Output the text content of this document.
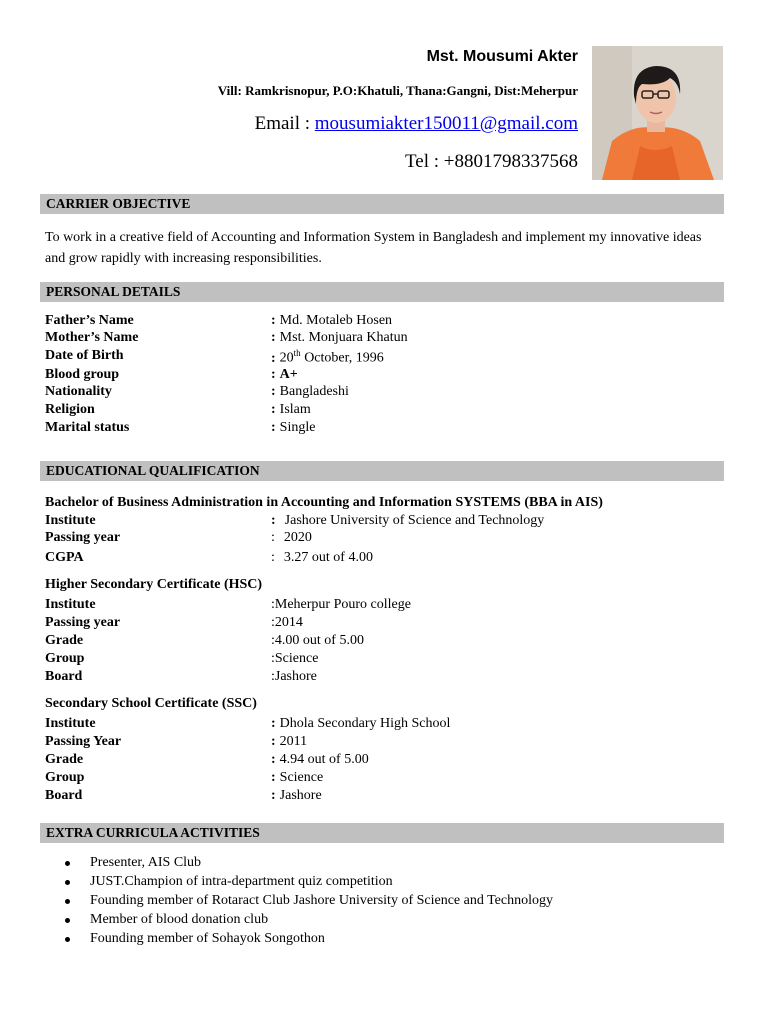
Mst. Mousumi Akter
Vill: Ramkrisnopur, P.O:Khatuli, Thana:Gangni, Dist:Meherpur
Email : mousumiakter150011@gmail.com
Tel : +8801798337568
CARRIER OBJECTIVE
To work in a creative field of Accounting and Information System in Bangladesh and implement my innovative ideas and grow rapidly with increasing responsibilities.
PERSONAL DETAILS
Father’s Name	: Md. Motaleb Hosen
Mother’s Name	: Mst. Monjuara Khatun
Date of Birth	: 20th October, 1996
Blood group	: A+
Nationality	: Bangladeshi
Religion	: Islam
Marital status	: Single
EDUCATIONAL QUALIFICATION
Bachelor of Business Administration in Accounting and Information SYSTEMS (BBA in AIS)
Institute	: Jashore University of Science and Technology
Passing year	: 2020
CGPA	: 3.27 out of 4.00
Higher Secondary Certificate (HSC)
Institute	:Meherpur Pouro college
Passing year	:2014
Grade	:4.00 out of 5.00
Group	:Science
Board	:Jashore
Secondary School Certificate (SSC)
Institute	: Dhola Secondary High School
Passing Year	: 2011
Grade	: 4.94 out of 5.00
Group	: Science
Board	: Jashore
EXTRA CURRICULA ACTIVITIES
Presenter, AIS Club
JUST.Champion of intra-department quiz competition
Founding member of Rotaract Club Jashore University of Science and Technology
Member of blood donation club
Founding member of Sohayok Songothon
